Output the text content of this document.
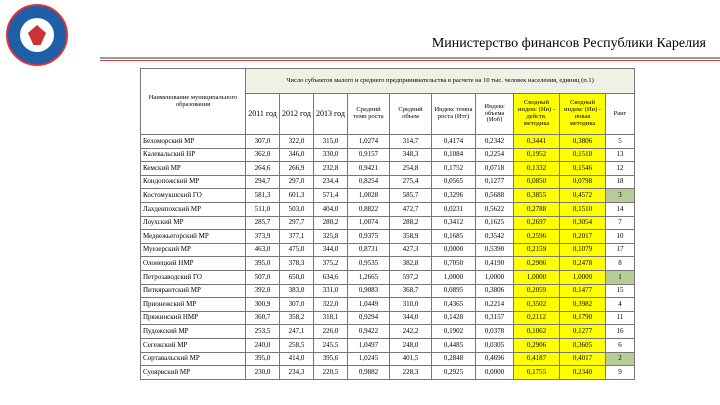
Министерство финансов Республики Карелия
Наименование муниципального образования	Число субъектов малого и среднего предпринимательства в расчете на 10 тыс. человек населения, единиц (п.1)									
	2011 год	2012 год	2013 год	Средний темп роста	Средний объем	Индекс темпа роста (Итг)	Индекс объема (Иоб)	Сводный индекс (Ии) - действ. методика	Сводный индекс (Ии) - новая методика	Ранг
Беломорский МР	307,0	322,0	315,0	1,0274	314,7	0,4174	0,2342	0,3441	0,3806	5
Калевальский НР	362,0	346,0	330,0	0,9157	348,3	0,1084	0,2254	0,1952	0,1518	13
Кемский МР	264,6	266,9	232,8	0,9421	254,8	0,1752	0,0718	0,1332	0,1546	12
Кондопожский МР	294,7	297,0	234,4	0,8254	275,4	0,0565	0,1277	0,0850	0,0798	18
Костомукшский ГО	581,3	601,3	571,4	1,0028	585,7	0,3296	0,5688	0,3855	0,4572	3
Лахденпохский МР	511,0	503,0	404,0	0,8822	472,7	0,0231	0,5622	0,2788	0,1510	14
Лоухский МР	285,7	297,7	280,2	1,0074	288,2	0,3412	0,1625	0,2697	0,3054	7
Медвежьегорский МР	373,9	377,1	325,8	0,9375	358,9	0,1685	0,3542	0,2596	0,2017	10
Муезерский МР	463,0	475,0	344,0	0,8731	427,3	0,0000	0,5390	0,2159	0,1079	17
Олонецкий НМР	395,0	378,3	375,2	0,9535	382,8	0,7050	0,4190	0,2906	0,2478	8
Петрозаводский ГО	507,0	650,0	634,6	1,2665	597,2	1,0000	1,0000	1,0000	1,0000	1
Питкярантский МР	392,0	383,0	331,0	0,9083	368,7	0,0895	0,3806	0,2059	0,1477	15
Прионежский МР	300,9	307,0	322,0	1,0449	310,0	0,4365	0,2214	0,3502	0,3982	4
Пряжинский НМР	360,7	358,2	318,1	0,9294	344,0	0,1428	0,3157	0,2112	0,1790	11
Пудожский МР	253,5	247,1	226,0	0,9422	242,2	0,1902	0,0378	0,1062	0,1277	16
Сегежский МР	240,0	258,5	245,5	1,0497	248,0	0,4485	0,0305	0,2906	0,3605	6
Сортавальский МР	395,0	414,0	395,6	1,0245	401,5	0,2848	0,4696	0,4187	0,4017	2
Суоярвский МР	230,0	234,3	220,5	0,9882	228,3	0,2925	0,0000	0,1755	0,2340	9
